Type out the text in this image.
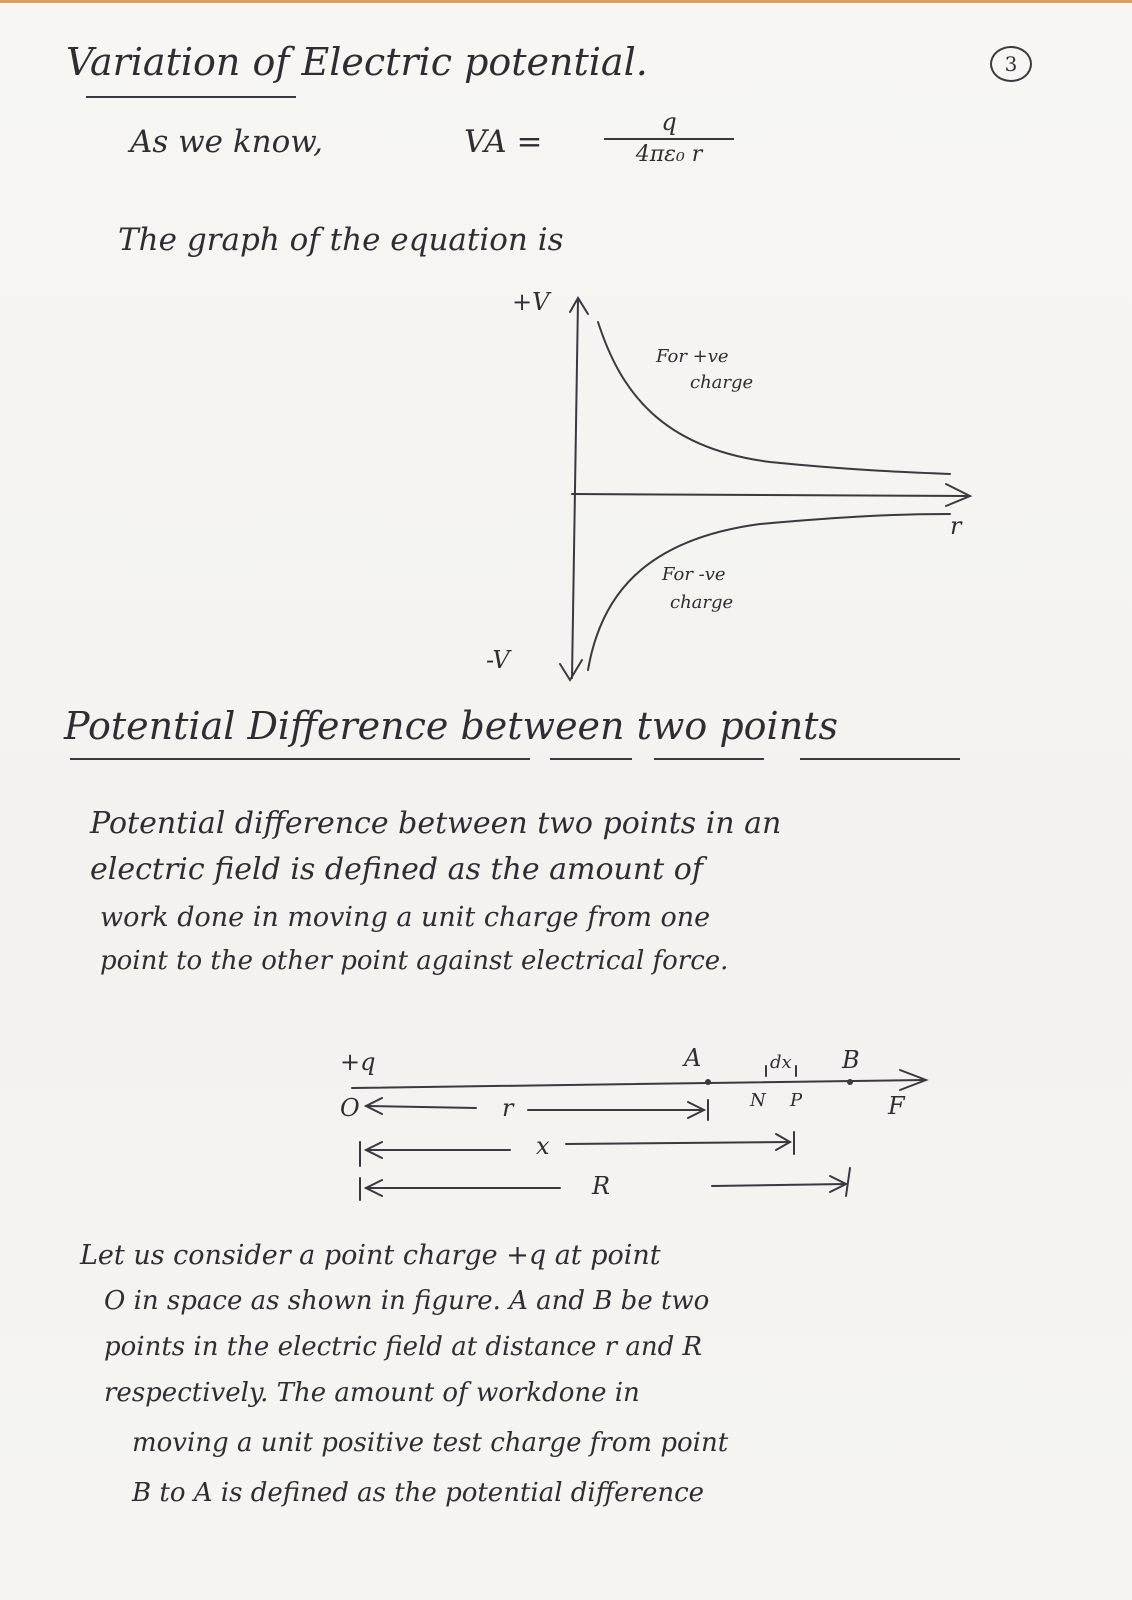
3
Variation of Electric potential.
As we know,	VA =
q
4πε₀ r
The graph of the equation is
+V
-V
r
For +ve
charge
For -ve
charge
Potential Difference between two points
Potential difference between two points in an
electric field is defined as the amount of
work done in moving a unit charge from one
point to the other point against electrical force.
+q
O
A	dx B
N P	F
r
x
R
Let us consider a point charge +q at point
O in space as shown in figure. A and B be two
points in the electric field at distance r and R
respectively. The amount of workdone in
moving a unit positive test charge from point
B to A is defined as the potential difference
